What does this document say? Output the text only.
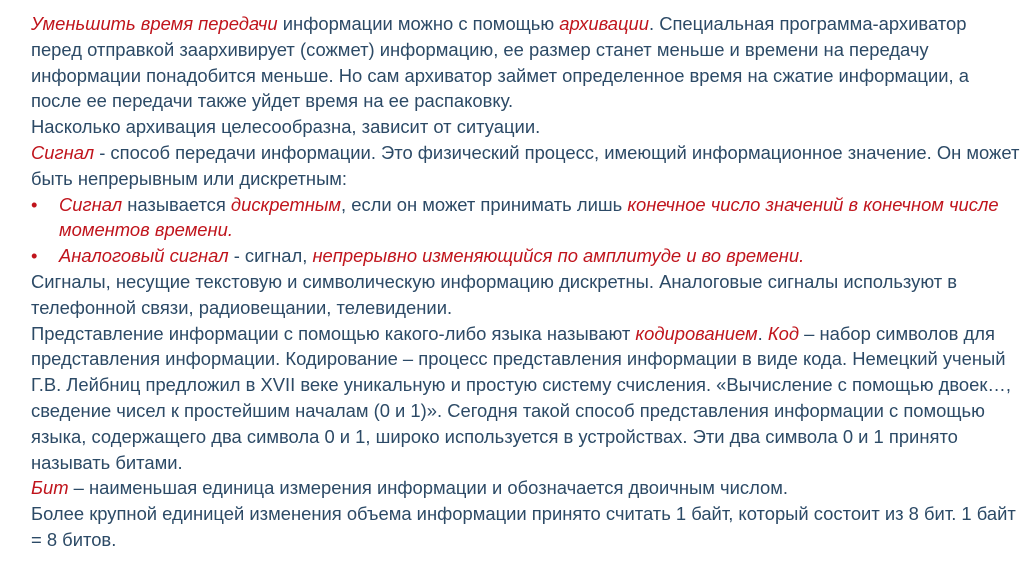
Уменьшить время передачи информации можно с помощью архивации. Специальная программа-архиватор перед отправкой заархивирует (сожмет) информацию, ее размер станет меньше и времени на передачу информации понадобится меньше. Но сам архиватор займет определенное время на сжатие информации, а после ее передачи также уйдет время на ее распаковку.

Насколько архивация целесообразна, зависит от ситуации.

Сигнал - способ передачи информации. Это физический процесс, имеющий информационное значение. Он может быть непрерывным или дискретным:

• Сигнал называется дискретным, если он может принимать лишь конечное число значений в конечном числе моментов времени.

• Аналоговый сигнал - сигнал, непрерывно изменяющийся по амплитуде и во времени.

Сигналы, несущие текстовую и символическую информацию дискретны. Аналоговые сигналы используют в телефонной связи, радиовещании, телевидении.

Представление информации с помощью какого-либо языка называют кодированием. Код – набор символов для представления информации. Кодирование – процесс представления информации в виде кода. Немецкий ученый Г.В. Лейбниц предложил в XVII веке уникальную и простую систему счисления. «Вычисление с помощью двоек…, сведение чисел к простейшим началам (0 и 1)». Сегодня такой способ представления информации с помощью языка, содержащего два символа 0 и 1, широко используется в устройствах. Эти два символа 0 и 1 принято называть битами.

Бит – наименьшая единица измерения информации и обозначается двоичным числом.

Более крупной единицей изменения объема информации принято считать 1 байт, который состоит из 8 бит. 1 байт = 8 битов.
